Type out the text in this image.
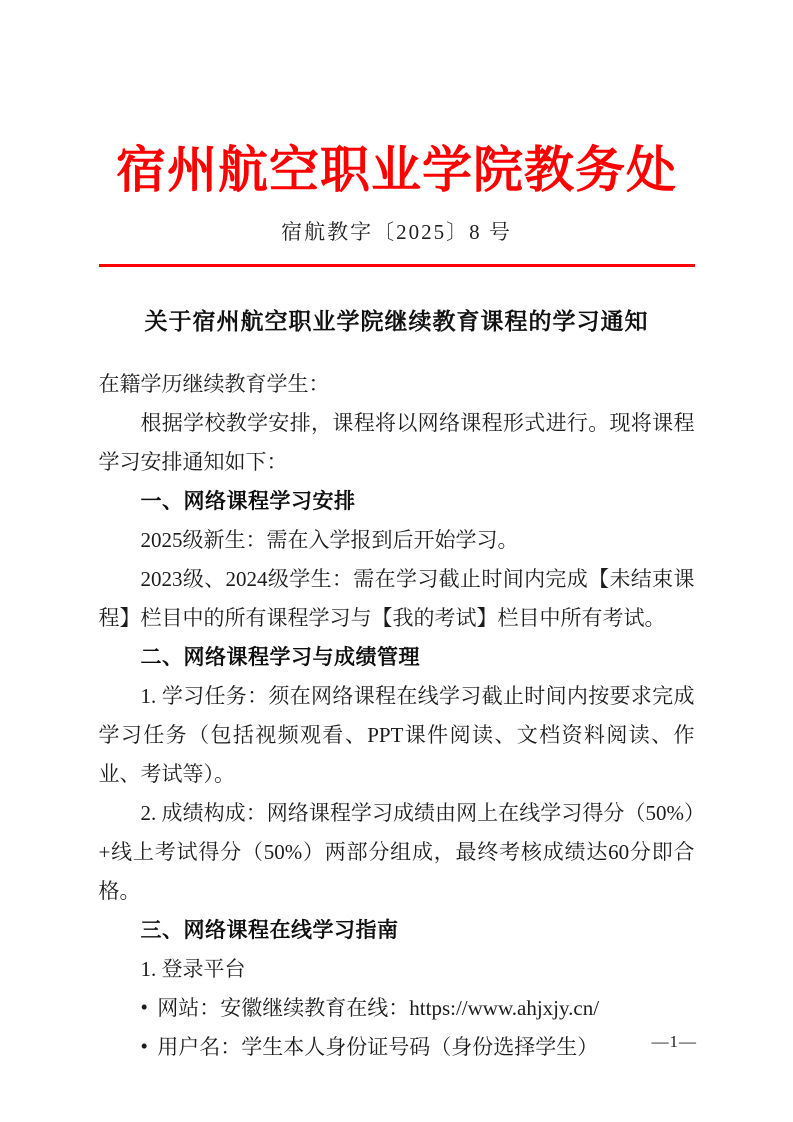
宿州航空职业学院教务处
宿航教字〔2025〕8 号
关于宿州航空职业学院继续教育课程的学习通知

在籍学历继续教育学生：

根据学校教学安排，课程将以网络课程形式进行。现将课程学习安排通知如下：

一、网络课程学习安排

2025级新生：需在入学报到后开始学习。

2023级、2024级学生：需在学习截止时间内完成【未结束课程】栏目中的所有课程学习与【我的考试】栏目中所有考试。

二、网络课程学习与成绩管理

1. 学习任务：须在网络课程在线学习截止时间内按要求完成学习任务（包括视频观看、PPT课件阅读、文档资料阅读、作业、考试等）。

2. 成绩构成：网络课程学习成绩由网上在线学习得分（50%）+线上考试得分（50%）两部分组成，最终考核成绩达60分即合格。

三、网络课程在线学习指南

1. 登录平台

• 网站：安徽继续教育在线：https://www.ahjxjy.cn/

• 用户名：学生本人身份证号码（身份选择学生）	—1—
